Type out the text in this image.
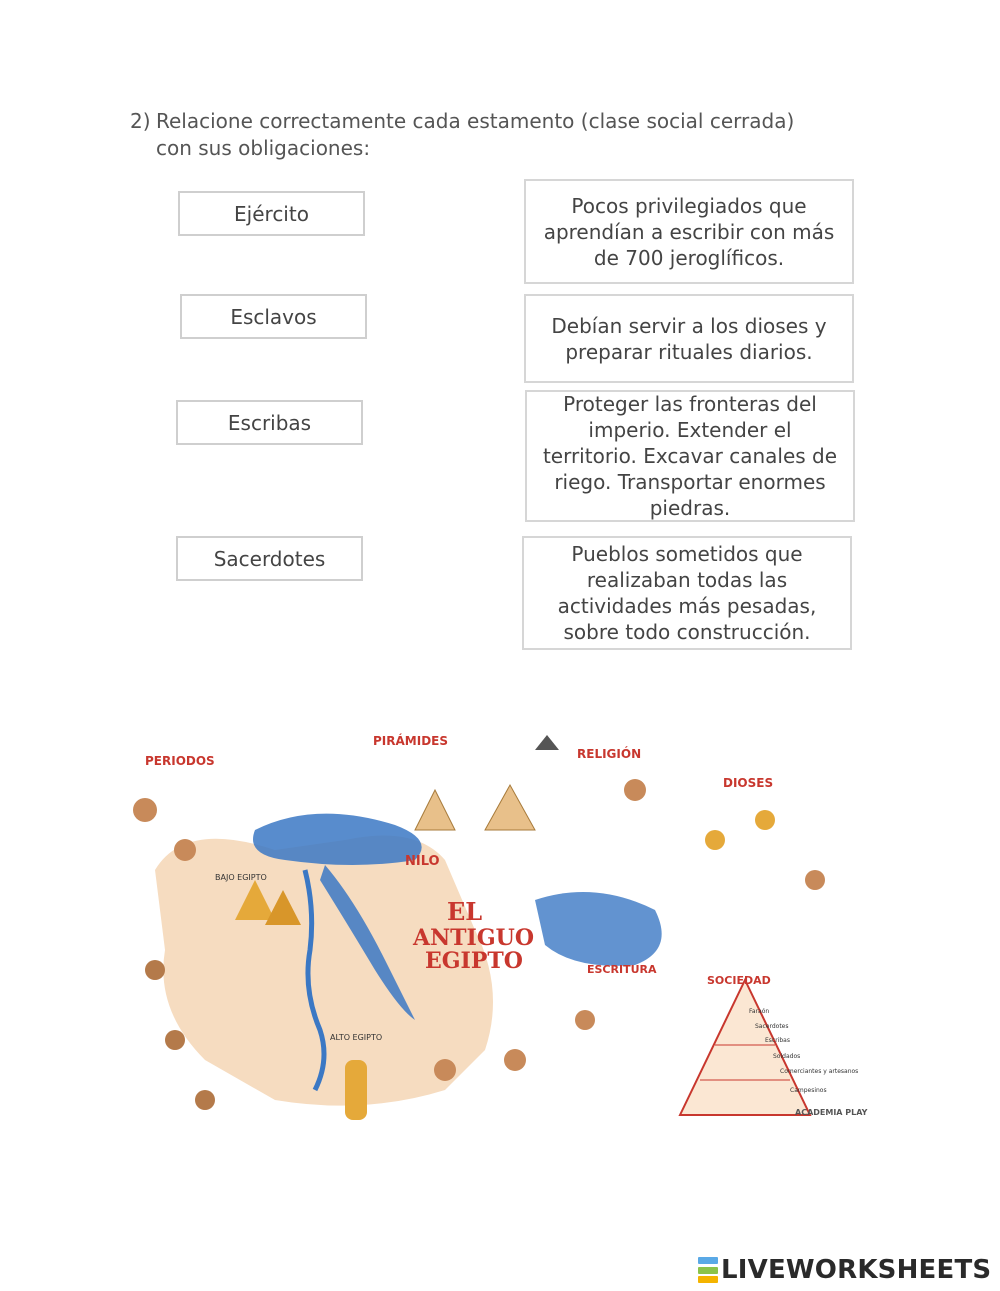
2) Relacione correctamente cada estamento (clase social cerrada) con sus obligaciones:
Ejército
Esclavos
Escribas
Sacerdotes
Pocos privilegiados que aprendían a escribir con más de 700 jeroglíficos.
Debían servir a los dioses y preparar rituales diarios.
Proteger las fronteras del imperio. Extender el territorio. Excavar canales de riego. Transportar enormes piedras.
Pueblos sometidos que realizaban todas las actividades más pesadas, sobre todo construcción.
PERIODOS
PIRÁMIDES
RELIGIÓN
DIOSES
NILO
ESCRITURA
SOCIEDAD
EL
ANTIGUO
EGIPTO
BAJO EGIPTO
ALTO EGIPTO
Faraón
Sacerdotes
Escribas
Soldados
Comerciantes y artesanos
Campesinos
ACADEMIA PLAY
LIVEWORKSHEETS
